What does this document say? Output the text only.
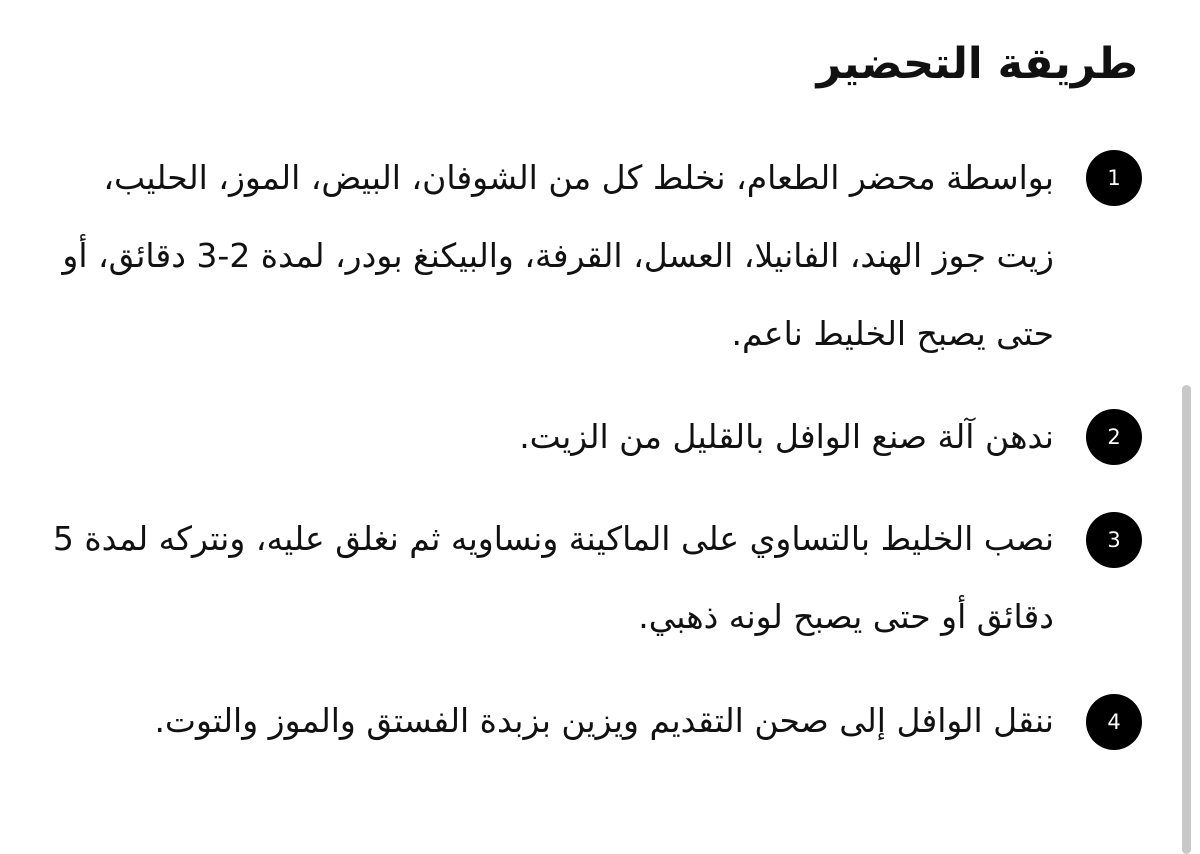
طريقة التحضير
1

بواسطة محضر الطعام، نخلط كل من الشوفان، البيض، الموز، الحليب، زيت جوز الهند، الفانيلا، العسل، القرفة، والبيكنغ بودر، لمدة 2-3 دقائق، أو حتى يصبح الخليط ناعم.

2

ندهن آلة صنع الوافل بالقليل من الزيت.

3

نصب الخليط بالتساوي على الماكينة ونساويه ثم نغلق عليه، ونتركه لمدة 5 دقائق أو حتى يصبح لونه ذهبي.

4

ننقل الوافل إلى صحن التقديم ويزين بزبدة الفستق والموز والتوت.
